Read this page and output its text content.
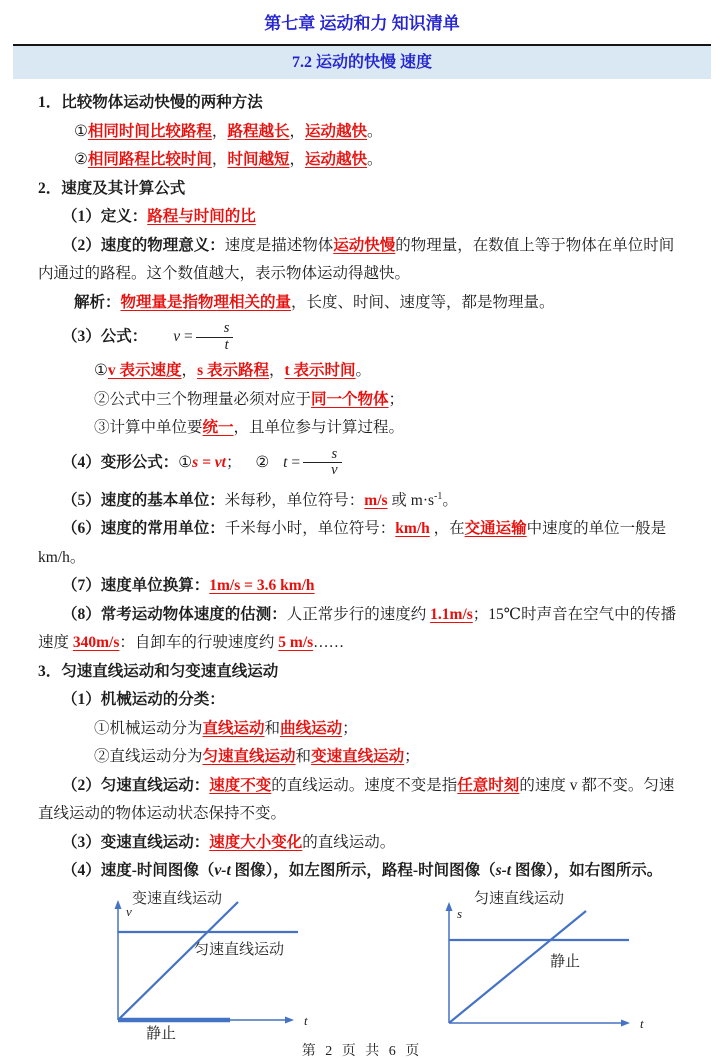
第七章 运动和力 知识清单
7.2 运动的快慢 速度

1．比较物体运动快慢的两种方法

①相同时间比较路程，路程越长，运动越快。

②相同路程比较时间，时间越短，运动越快。

2．速度及其计算公式

（1）定义：路程与时间的比

（2）速度的物理意义：速度是描述物体运动快慢的物理量，在数值上等于物体在单位时间内通过的路程。这个数值越大，表示物体运动得越快。

解析：物理量是指物理相关的量，长度、时间、速度等，都是物理量。

（3）公式： $v = \frac{s}{t}$

①v 表示速度，s 表示路程，t 表示时间。

②公式中三个物理量必须对应于同一个物体；

③计算中单位要统一，且单位参与计算过程。

（4）变形公式：①s = vt； ② $t = \frac{s}{v}$

（5）速度的基本单位：米每秒，单位符号：m/s 或 $m\cdot s^{-1}$。

（6）速度的常用单位：千米每小时，单位符号：km/h ，在交通运输中速度的单位一般是 km/h。

（7）速度单位换算：1m/s = 3.6 km/h

（8）常考运动物体速度的估测：人正常步行的速度约 1.1m/s；15℃时声音在空气中的传播速度 340m/s：自卸车的行驶速度约 5 m/s……

3．匀速直线运动和匀变速直线运动

（1）机械运动的分类：

①机械运动分为直线运动和曲线运动；

②直线运动分为匀速直线运动和变速直线运动；

（2）匀速直线运动：速度不变的直线运动。速度不变是指任意时刻的速度 v 都不变。匀速直线运动的物体运动状态保持不变。

（3）变速直线运动：速度大小变化的直线运动。

（4）速度-时间图像（v-t 图像），如左图所示，路程-时间图像（s-t 图像），如右图所示。

变速直线运动
v
t
匀速直线运动
静止
匀速直线运动
s
t
静止

第 2 页 共 6 页
